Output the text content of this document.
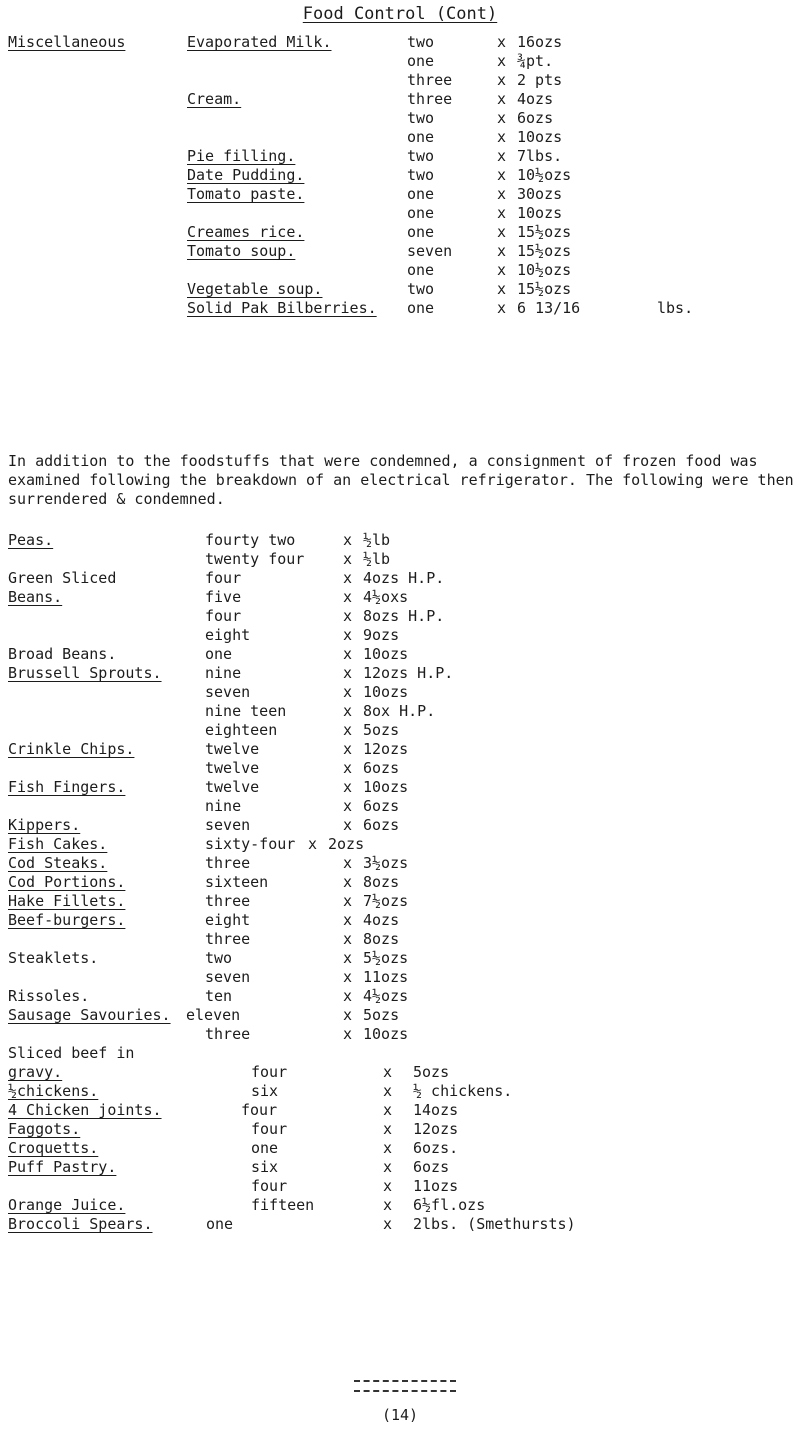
Food Control (Cont)
Miscellaneous	Evaporated Milk.	two	x 16ozs
one	x ¾pt.
three	x 2 pts
Cream.	three	x 4ozs
two	x 6ozs
one	x 10ozs
Pie filling.	two	x 7lbs.
Date Pudding.	two	x 10½ozs
Tomato paste.	one	x 30ozs
one	x 10ozs
Creames rice.	one	x 15½ozs
Tomato soup.	seven	x 15½ozs
one	x 10½ozs
Vegetable soup.	two	x 15½ozs
Solid Pak Bilberries. one	x 6 13/16	lbs.

In addition to the foodstuffs that were condemned, a consignment of frozen food was examined following the breakdown of an electrical refrigerator. The following were then surrendered & condemned.

Peas.	fourty two	x ½lb
twenty four	x ½lb
Green Sliced	four	x 4ozs H.P.
Beans.	five	x 4½oxs
four	x 8ozs H.P.
eight	x 9ozs
Broad Beans.	one	x 10ozs
Brussell Sprouts.	nine	x 12ozs H.P.
seven	x 10ozs
nine teen	x 8ox H.P.
eighteen	x 5ozs
Crinkle Chips.	twelve	x 12ozs
twelve	x 6ozs
Fish Fingers.	twelve	x 10ozs
nine	x 6ozs
Kippers.	seven	x 6ozs
Fish Cakes.	sixty-four x 2ozs
Cod Steaks.	three	x 3½ozs
Cod Portions.	sixteen	x 8ozs
Hake Fillets.	three	x 7½ozs
Beef-burgers.	eight	x 4ozs
three	x 8ozs
Steaklets.	two	x 5½ozs
seven	x 11ozs
Rissoles.	ten	x 4½ozs
Sausage Savouries. eleven	x 5ozs
three	x 10ozs
Sliced beef in
gravy.	four	x 5ozs
½chickens.	six	x ½ chickens.
4 Chicken joints.	four	x 14ozs
Faggots.	four	x 12ozs
Croquetts.	one	x 6ozs.
Puff Pastry.	six	x 6ozs
four	x 11ozs
Orange Juice.	fifteen	x 6½fl.ozs
Broccoli Spears.	one	x 2lbs. (Smethursts)
(14)
